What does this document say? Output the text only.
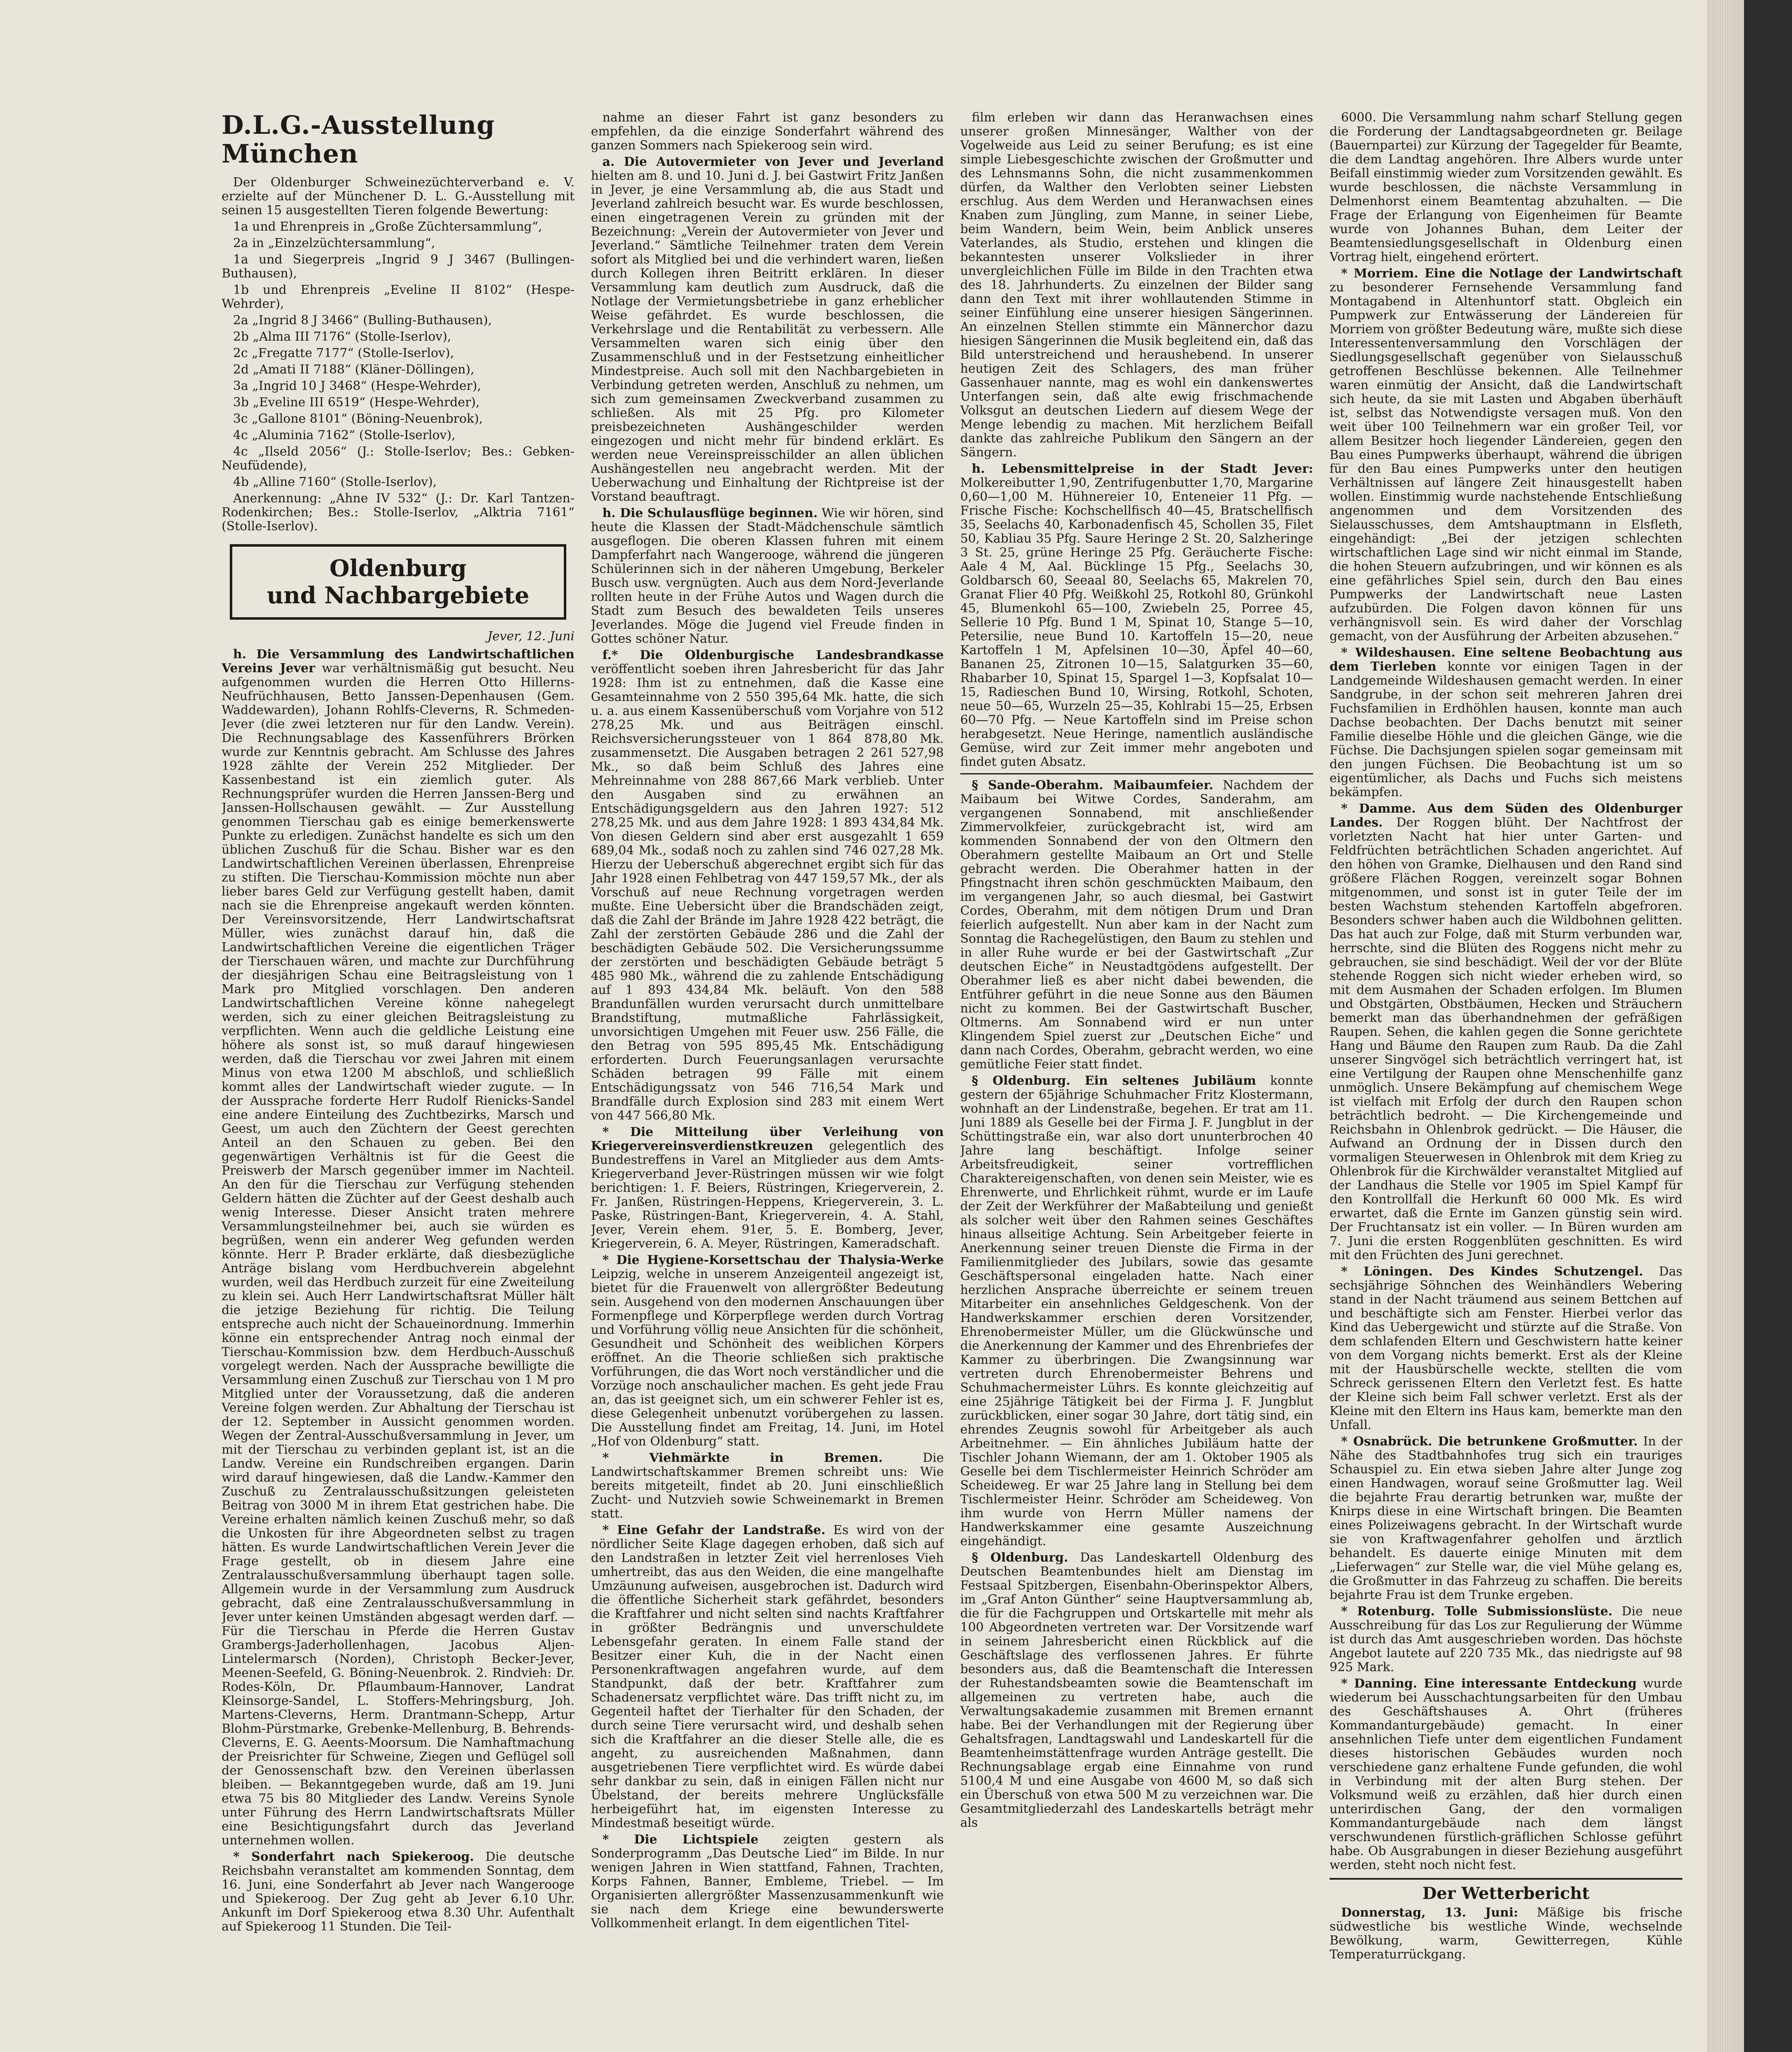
D.L.G.-Ausstellung München

Der Oldenburger Schweinezüchterverband e. V. erzielte auf der Münchener D. L. G.-Ausstellung mit seinen 15 ausgestellten Tieren folgende Bewertung:

1a und Ehrenpreis in „Große Züchtersammlung“,

2a in „Einzelzüchtersammlung“,

1a und Siegerpreis „Ingrid 9 J 3467 (Bullingen-Buthausen),

1b und Ehrenpreis „Eveline II 8102“ (Hespe-Wehrder),

2a „Ingrid 8 J 3466“ (Bulling-Buthausen),

2b „Alma III 7176“ (Stolle-Iserlov),

2c „Fregatte 7177“ (Stolle-Iserlov),

2d „Amati II 7188“ (Kläner-Döllingen),

3a „Ingrid 10 J 3468“ (Hespe-Wehrder),

3b „Eveline III 6519“ (Hespe-Wehrder),

3c „Gallone 8101“ (Böning-Neuenbrok),

4c „Aluminia 7162“ (Stolle-Iserlov),

4c „Ilseld 2056“ (J.: Stolle-Iserlov; Bes.: Gebken-Neufüdende),

4b „Alline 7160“ (Stolle-Iserlov),

Anerkennung: „Ahne IV 532“ (J.: Dr. Karl Tantzen-Rodenkirchen; Bes.: Stolle-Iserlov, „Alktria 7161“ (Stolle-Iserlov).

Oldenburg
und Nachbargebiete
Jever, 12. Juni

h. Die Versammlung des Landwirtschaftlichen Vereins Jever war verhältnismäßig gut besucht. Neu aufgenommen wurden die Herren Otto Hillerns-Neufrüchhausen, Betto Janssen-Depenhausen (Gem. Waddewarden), Johann Rohlfs-Cleverns, R. Schmeden-Jever (die zwei letzteren nur für den Landw. Verein). Die Rechnungsablage des Kassenführers Brörken wurde zur Kenntnis gebracht. Am Schlusse des Jahres 1928 zählte der Verein 252 Mitglieder. Der Kassenbestand ist ein ziemlich guter. Als Rechnungsprüfer wurden die Herren Janssen-Berg und Janssen-Hollschausen gewählt. — Zur Ausstellung genommen Tierschau gab es einige bemerkenswerte Punkte zu erledigen. Zunächst handelte es sich um den üblichen Zuschuß für die Schau. Bisher war es den Landwirtschaftlichen Vereinen überlassen, Ehrenpreise zu stiften. Die Tierschau-Kommission möchte nun aber lieber bares Geld zur Verfügung gestellt haben, damit nach sie die Ehrenpreise angekauft werden könnten. Der Vereinsvorsitzende, Herr Landwirtschaftsrat Müller, wies zunächst darauf hin, daß die Landwirtschaftlichen Vereine die eigentlichen Träger der Tierschauen wären, und machte zur Durchführung der diesjährigen Schau eine Beitragsleistung von 1 Mark pro Mitglied vorschlagen. Den anderen Landwirtschaftlichen Vereine könne nahegelegt werden, sich zu einer gleichen Beitragsleistung zu verpflichten. Wenn auch die geldliche Leistung eine höhere als sonst ist, so muß darauf hingewiesen werden, daß die Tierschau vor zwei Jahren mit einem Minus von etwa 1200 M abschloß, und schließlich kommt alles der Landwirtschaft wieder zugute. — In der Aussprache forderte Herr Rudolf Rienicks-Sandel eine andere Einteilung des Zuchtbezirks, Marsch und Geest, um auch den Züchtern der Geest gerechten Anteil an den Schauen zu geben. Bei den gegenwärtigen Verhältnis ist für die Geest die Preiswerb der Marsch gegenüber immer im Nachteil. An den für die Tierschau zur Verfügung stehenden Geldern hätten die Züchter auf der Geest deshalb auch wenig Interesse. Dieser Ansicht traten mehrere Versammlungsteilnehmer bei, auch sie würden es begrüßen, wenn ein anderer Weg gefunden werden könnte. Herr P. Brader erklärte, daß diesbezügliche Anträge bislang vom Herdbuchverein abgelehnt wurden, weil das Herdbuch zurzeit für eine Zweiteilung zu klein sei. Auch Herr Landwirtschaftsrat Müller hält die jetzige Beziehung für richtig. Die Teilung entspreche auch nicht der Schaueinordnung. Immerhin könne ein entsprechender Antrag noch einmal der Tierschau-Kommission bzw. dem Herdbuch-Ausschuß vorgelegt werden. Nach der Aussprache bewilligte die Versammlung einen Zuschuß zur Tierschau von 1 M pro Mitglied unter der Voraussetzung, daß die anderen Vereine folgen werden. Zur Abhaltung der Tierschau ist der 12. September in Aussicht genommen worden. Wegen der Zentral-Ausschußversammlung in Jever, um mit der Tierschau zu verbinden geplant ist, ist an die Landw. Vereine ein Rundschreiben ergangen. Darin wird darauf hingewiesen, daß die Landw.-Kammer den Zuschuß zu Zentralausschußsitzungen geleisteten Beitrag von 3000 M in ihrem Etat gestrichen habe. Die Vereine erhalten nämlich keinen Zuschuß mehr, so daß die Unkosten für ihre Abgeordneten selbst zu tragen hätten. Es wurde Landwirtschaftlichen Verein Jever die Frage gestellt, ob in diesem Jahre eine Zentralausschußversammlung überhaupt tagen solle. Allgemein wurde in der Versammlung zum Ausdruck gebracht, daß eine Zentralausschußversammlung in Jever unter keinen Umständen abgesagt werden darf. — Für die Tierschau in Pferde die Herren Gustav Grambergs-Jaderhollenhagen, Jacobus Aljen-Lintelermarsch (Norden), Christoph Becker-Jever, Meenen-Seefeld, G. Böning-Neuenbrok. 2. Rindvieh: Dr. Rodes-Köln, Dr. Pflaumbaum-Hannover, Landrat Kleinsorge-Sandel, L. Stoffers-Mehringsburg, Joh. Martens-Cleverns, Herm. Drantmann-Schepp, Artur Blohm-Pürstmarke, Grebenke-Mellenburg, B. Behrends-Cleverns, E. G. Aeents-Moorsum. Die Namhaftmachung der Preisrichter für Schweine, Ziegen und Geflügel soll der Genossenschaft bzw. den Vereinen überlassen bleiben. — Bekanntgegeben wurde, daß am 19. Juni etwa 75 bis 80 Mitglieder des Landw. Vereins Synole unter Führung des Herrn Landwirtschaftsrats Müller eine Besichtigungsfahrt durch das Jeverland unternehmen wollen.

* Sonderfahrt nach Spiekeroog. Die deutsche Reichsbahn veranstaltet am kommenden Sonntag, dem 16. Juni, eine Sonderfahrt ab Jever nach Wangerooge und Spiekeroog. Der Zug geht ab Jever 6.10 Uhr. Ankunft im Dorf Spiekeroog etwa 8.30 Uhr. Aufenthalt auf Spiekeroog 11 Stunden. Die Teil-

nahme an dieser Fahrt ist ganz besonders zu empfehlen, da die einzige Sonderfahrt während des ganzen Sommers nach Spiekeroog sein wird.

a. Die Autovermieter von Jever und Jeverland hielten am 8. und 10. Juni d. J. bei Gastwirt Fritz Janßen in Jever, je eine Versammlung ab, die aus Stadt und Jeverland zahlreich besucht war. Es wurde beschlossen, einen eingetragenen Verein zu gründen mit der Bezeichnung: „Verein der Autovermieter von Jever und Jeverland.“ Sämtliche Teilnehmer traten dem Verein sofort als Mitglied bei und die verhindert waren, ließen durch Kollegen ihren Beitritt erklären. In dieser Versammlung kam deutlich zum Ausdruck, daß die Notlage der Vermietungsbetriebe in ganz erheblicher Weise gefährdet. Es wurde beschlossen, die Verkehrslage und die Rentabilität zu verbessern. Alle Versammelten waren sich einig über den Zusammenschluß und in der Festsetzung einheitlicher Mindestpreise. Auch soll mit den Nachbargebieten in Verbindung getreten werden, Anschluß zu nehmen, um sich zum gemeinsamen Zweckverband zusammen zu schließen. Als mit 25 Pfg. pro Kilometer preisbezeichneten Aushängeschilder werden eingezogen und nicht mehr für bindend erklärt. Es werden neue Vereinspreisschilder an allen üblichen Aushängestellen neu angebracht werden. Mit der Ueberwachung und Einhaltung der Richtpreise ist der Vorstand beauftragt.

h. Die Schulausflüge beginnen. Wie wir hören, sind heute die Klassen der Stadt-Mädchenschule sämtlich ausgeflogen. Die oberen Klassen fuhren mit einem Dampferfahrt nach Wangerooge, während die jüngeren Schülerinnen sich in der näheren Umgebung, Berkeler Busch usw. vergnügten. Auch aus dem Nord-Jeverlande rollten heute in der Frühe Autos und Wagen durch die Stadt zum Besuch des bewaldeten Teils unseres Jeverlandes. Möge die Jugend viel Freude finden in Gottes schöner Natur.

f.* Die Oldenburgische Landesbrandkasse veröffentlicht soeben ihren Jahresbericht für das Jahr 1928: Ihm ist zu entnehmen, daß die Kasse eine Gesamteinnahme von 2 550 395,64 Mk. hatte, die sich u. a. aus einem Kassenüberschuß vom Vorjahre von 512 278,25 Mk. und aus Beiträgen einschl. Reichsversicherungssteuer von 1 864 878,80 Mk. zusammensetzt. Die Ausgaben betragen 2 261 527,98 Mk., so daß beim Schluß des Jahres eine Mehreinnahme von 288 867,66 Mark verblieb. Unter den Ausgaben sind zu erwähnen an Entschädigungsgeldern aus den Jahren 1927: 512 278,25 Mk. und aus dem Jahre 1928: 1 893 434,84 Mk. Von diesen Geldern sind aber erst ausgezahlt 1 659 689,04 Mk., sodaß noch zu zahlen sind 746 027,28 Mk. Hierzu der Ueberschuß abgerechnet ergibt sich für das Jahr 1928 einen Fehlbetrag von 447 159,57 Mk., der als Vorschuß auf neue Rechnung vorgetragen werden mußte. Eine Uebersicht über die Brandschäden zeigt, daß die Zahl der Brände im Jahre 1928 422 beträgt, die Zahl der zerstörten Gebäude 286 und die Zahl der beschädigten Gebäude 502. Die Versicherungssumme der zerstörten und beschädigten Gebäude beträgt 5 485 980 Mk., während die zu zahlende Entschädigung auf 1 893 434,84 Mk. beläuft. Von den 588 Brandunfällen wurden verursacht durch unmittelbare Brandstiftung, mutmaßliche Fahrlässigkeit, unvorsichtigen Umgehen mit Feuer usw. 256 Fälle, die den Betrag von 595 895,45 Mk. Entschädigung erforderten. Durch Feuerungsanlagen verursachte Schäden betragen 99 Fälle mit einem Entschädigungssatz von 546 716,54 Mark und Brandfälle durch Explosion sind 283 mit einem Wert von 447 566,80 Mk.

* Die Mitteilung über Verleihung von Kriegervereinsverdienstkreuzen gelegentlich des Bundestreffens in Varel an Mitglieder aus dem Amts-Kriegerverband Jever-Rüstringen müssen wir wie folgt berichtigen: 1. F. Beiers, Rüstringen, Kriegerverein, 2. Fr. Janßen, Rüstringen-Heppens, Kriegerverein, 3. L. Paske, Rüstringen-Bant, Kriegerverein, 4. A. Stahl, Jever, Verein ehem. 91er, 5. E. Bomberg, Jever, Kriegerverein, 6. A. Meyer, Rüstringen, Kameradschaft.

* Die Hygiene-Korsettschau der Thalysia-Werke Leipzig, welche in unserem Anzeigenteil angezeigt ist, bietet für die Frauenwelt von allergrößter Bedeutung sein. Ausgehend von den modernen Anschauungen über Formenpflege und Körperpflege werden durch Vortrag und Vorführung völlig neue Ansichten für die schönheit, Gesundheit und Schönheit des weiblichen Körpers eröffnet. An die Theorie schließen sich praktische Vorführungen, die das Wort noch verständlicher und die Vorzüge noch anschaulicher machen. Es geht jede Frau an, das ist geeignet sich, um ein schwerer Fehler ist es, diese Gelegenheit unbenutzt vorübergehen zu lassen. Die Ausstellung findet am Freitag, 14. Juni, im Hotel „Hof von Oldenburg“ statt.

* Viehmärkte in Bremen.	Die Landwirtschaftskammer Bremen schreibt uns: Wie bereits mitgeteilt, findet ab 20. Juni einschließlich Zucht- und Nutzvieh sowie Schweinemarkt in Bremen statt.

* Eine Gefahr der Landstraße. Es wird von der nördlicher Seite Klage dagegen erhoben, daß sich auf den Landstraßen in letzter Zeit viel herrenloses Vieh umhertreibt, das aus den Weiden, die eine mangelhafte Umzäunung aufweisen, ausgebrochen ist. Dadurch wird die öffentliche Sicherheit stark gefährdet, besonders die Kraftfahrer und nicht selten sind nachts Kraftfahrer in größter Bedrängnis und unverschuldete Lebensgefahr geraten. In einem Falle stand der Besitzer einer Kuh, die in der Nacht einen Personenkraftwagen angefahren wurde, auf dem Standpunkt, daß der betr. Kraftfahrer zum Schadenersatz verpflichtet wäre. Das trifft nicht zu, im Gegenteil haftet der Tierhalter für den Schaden, der durch seine Tiere verursacht wird, und deshalb sehen sich die Kraftfahrer an die dieser Stelle alle, die es angeht, zu ausreichenden Maßnahmen, dann ausgetriebenen Tiere verpflichtet wird. Es würde dabei sehr dankbar zu sein, daß in einigen Fällen nicht nur Übelstand, der bereits mehrere Unglücksfälle herbeigeführt hat, im eigensten Interesse zu Mindestmaß beseitigt würde.

* Die Lichtspiele zeigten gestern als Sonderprogramm „Das Deutsche Lied“ im Bilde. In nur wenigen Jahren in Wien stattfand, Fahnen, Trachten, Korps Fahnen, Banner, Embleme, Triebel. — Im Organisierten allergrößter Massenzusammenkunft wie sie nach dem Kriege eine bewunderswerte Vollkommenheit erlangt. In dem eigentlichen Titel-

film erleben wir dann das Heranwachsen eines unserer großen Minnesänger, Walther von der Vogelweide aus Leid zu seiner Berufung; es ist eine simple Liebesgeschichte zwischen der Großmutter und des Lehnsmanns Sohn, die nicht zusammenkommen dürfen, da Walther den Verlobten seiner Liebsten erschlug. Aus dem Werden und Heranwachsen eines Knaben zum Jüngling, zum Manne, in seiner Liebe, beim Wandern, beim Wein, beim Anblick unseres Vaterlandes, als Studio, erstehen und klingen die bekanntesten unserer Volkslieder in ihrer unvergleichlichen Fülle im Bilde in den Trachten etwa des 18. Jahrhunderts. Zu einzelnen der Bilder sang dann den Text mit ihrer wohllautenden Stimme in seiner Einfühlung eine unserer hiesigen Sängerinnen. An einzelnen Stellen stimmte ein Männerchor dazu hiesigen Sängerinnen die Musik begleitend ein, daß das Bild unterstreichend und heraushebend. In unserer heutigen Zeit des Schlagers, des man früher Gassenhauer nannte, mag es wohl ein dankenswertes Unterfangen sein, daß alte ewig frischmachende Volksgut an deutschen Liedern auf diesem Wege der Menge lebendig zu machen. Mit herzlichem Beifall dankte das zahlreiche Publikum den Sängern an der Sängern.

h. Lebensmittelpreise in der Stadt Jever: Molkereibutter 1,90, Zentrifugenbutter 1,70, Margarine 0,60—1,00 M. Hühnereier 10, Enteneier 11 Pfg. — Frische Fische: Kochschellfisch 40—45, Bratschellfisch 35, Seelachs 40, Karbonadenfisch 45, Schollen 35, Filet 50, Kabliau 35 Pfg. Saure Heringe 2 St. 20, Salzheringe 3 St. 25, grüne Heringe 25 Pfg. Geräucherte Fische: Aale 4 M, Aal. Bücklinge 15 Pfg., Seelachs 30, Goldbarsch 60, Seeaal 80, Seelachs 65, Makrelen 70, Granat Flier 40 Pfg. Weißkohl 25, Rotkohl 80, Grünkohl 45, Blumenkohl 65—100, Zwiebeln 25, Porree 45, Sellerie 10 Pfg. Bund 1 M, Spinat 10, Stange 5—10, Petersilie, neue Bund 10. Kartoffeln 15—20, neue Kartoffeln 1 M, Apfelsinen 10—30, Äpfel 40—60, Bananen 25, Zitronen 10—15, Salatgurken 35—60, Rhabarber 10, Spinat 15, Spargel 1—3, Kopfsalat 10—15, Radieschen Bund 10, Wirsing, Rotkohl, Schoten, neue 50—65, Wurzeln 25—35, Kohlrabi 15—25, Erbsen 60—70 Pfg. — Neue Kartoffeln sind im Preise schon herabgesetzt. Neue Heringe, namentlich ausländische Gemüse, wird zur Zeit immer mehr angeboten und findet guten Absatz.

§ Sande-Oberahm. Maibaumfeier. Nachdem der Maibaum bei Witwe Cordes, Sanderahm, am vergangenen Sonnabend, mit anschließender Zimmervolkfeier, zurückgebracht ist, wird am kommenden Sonnabend der von den Oltmern den Oberahmern gestellte Maibaum an Ort und Stelle gebracht werden. Die Oberahmer hatten in der Pfingstnacht ihren schön geschmückten Maibaum, den im vergangenen Jahr, so auch diesmal, bei Gastwirt Cordes, Oberahm, mit dem nötigen Drum und Dran feierlich aufgestellt. Nun aber kam in der Nacht zum Sonntag die Rachegelüstigen, den Baum zu stehlen und in aller Ruhe wurde er bei der Gastwirtschaft „Zur deutschen Eiche“ in Neustadtgödens aufgestellt. Der Oberahmer ließ es aber nicht dabei bewenden, die Entführer geführt in die neue Sonne aus den Bäumen nicht zu kommen. Bei der Gastwirtschaft Buscher, Oltmerns. Am Sonnabend wird er nun unter Klingendem Spiel zuerst zur „Deutschen Eiche“ und dann nach Cordes, Oberahm, gebracht werden, wo eine gemütliche Feier statt findet.

§ Oldenburg. Ein seltenes Jubiläum konnte gestern der 65jährige Schuhmacher Fritz Klostermann, wohnhaft an der Lindenstraße, begehen. Er trat am 11. Juni 1889 als Geselle bei der Firma J. F. Jungblut in der Schüttingstraße ein, war also dort ununterbrochen 40 Jahre lang beschäftigt. Infolge seiner Arbeitsfreudigkeit, seiner vortrefflichen Charaktereigenschaften, von denen sein Meister, wie es Ehrenwerte, und Ehrlichkeit rühmt, wurde er im Laufe der Zeit der Werkführer der Maßabteilung und genießt als solcher weit über den Rahmen seines Geschäftes hinaus allseitige Achtung. Sein Arbeitgeber feierte in Anerkennung seiner treuen Dienste die Firma in der Familienmitglieder des Jubilars, sowie das gesamte Geschäftspersonal eingeladen hatte. Nach einer herzlichen Ansprache überreichte er seinem treuen Mitarbeiter ein ansehnliches Geldgeschenk. Von der Handwerkskammer erschien deren Vorsitzender, Ehrenobermeister Müller, um die Glückwünsche und die Anerkennung der Kammer und des Ehrenbriefes der Kammer zu überbringen. Die Zwangsinnung war vertreten durch Ehrenobermeister Behrens und Schuhmachermeister Lührs. Es konnte gleichzeitig auf eine 25jährige Tätigkeit bei der Firma J. F. Jungblut zurückblicken, einer sogar 30 Jahre, dort tätig sind, ein ehrendes Zeugnis sowohl für Arbeitgeber als auch Arbeitnehmer. — Ein ähnliches Jubiläum hatte der Tischler Johann Wiemann, der am 1. Oktober 1905 als Geselle bei dem Tischlermeister Heinrich Schröder am Scheideweg. Er war 25 Jahre lang in Stellung bei dem Tischlermeister Heinr. Schröder am Scheideweg. Von ihm wurde von Herrn Müller namens der Handwerkskammer eine gesamte Auszeichnung eingehändigt.

§ Oldenburg. Das Landeskartell Oldenburg des Deutschen Beamtenbundes hielt am Dienstag im Festsaal Spitzbergen, Eisenbahn-Oberinspektor Albers, im „Graf Anton Günther“ seine Hauptversammlung ab, die für die Fachgruppen und Ortskartelle mit mehr als 100 Abgeordneten vertreten war. Der Vorsitzende warf in seinem Jahresbericht einen Rückblick auf die Geschäftslage des verflossenen Jahres. Er führte besonders aus, daß die Beamtenschaft die Interessen der Ruhestandsbeamten sowie die Beamtenschaft im allgemeinen zu vertreten habe, auch die Verwaltungsakademie zusammen mit Bremen ernannt habe. Bei der Verhandlungen mit der Regierung über Gehaltsfragen, Landtagswahl und Landeskartell für die Beamtenheimstättenfrage wurden Anträge gestellt. Die Rechnungsablage ergab eine Einnahme von rund 5100,4 M und eine Ausgabe von 4600 M, so daß sich ein Überschuß von etwa 500 M zu verzeichnen war. Die Gesamtmitgliederzahl des Landeskartells beträgt mehr als

6000. Die Versammlung nahm scharf Stellung gegen die Forderung der Landtagsabgeordneten gr. Beilage (Bauernpartei) zur Kürzung der Tagegelder für Beamte, die dem Landtag angehören. Ihre Albers wurde unter Beifall einstimmig wieder zum Vorsitzenden gewählt. Es wurde beschlossen, die nächste Versammlung in Delmenhorst einem Beamtentag abzuhalten. — Die Frage der Erlangung von Eigenheimen für Beamte wurde von Johannes Buhan, dem Leiter der Beamtensiedlungsgesellschaft in Oldenburg einen Vortrag hielt, eingehend erörtert.

* Morriem. Eine die Notlage der Landwirtschaft zu besonderer Fernsehende Versammlung fand Montagabend in Altenhuntorf statt. Obgleich ein Pumpwerk zur Entwässerung der Ländereien für Morriem von größter Bedeutung wäre, mußte sich diese Interessentenversammlung den Vorschlägen der Siedlungsgesellschaft gegenüber von Sielausschuß getroffenen Beschlüsse bekennen. Alle Teilnehmer waren einmütig der Ansicht, daß die Landwirtschaft sich heute, da sie mit Lasten und Abgaben überhäuft ist, selbst das Notwendigste versagen muß. Von den weit über 100 Teilnehmern war ein großer Teil, vor allem Besitzer hoch liegender Ländereien, gegen den Bau eines Pumpwerks überhaupt, während die übrigen für den Bau eines Pumpwerks unter den heutigen Verhältnissen auf längere Zeit hinausgestellt haben wollen. Einstimmig wurde nachstehende Entschließung angenommen und dem Vorsitzenden des Sielausschusses, dem Amtshauptmann in Elsfleth, eingehändigt: „Bei der jetzigen schlechten wirtschaftlichen Lage sind wir nicht einmal im Stande, die hohen Steuern aufzubringen, und wir können es als eine gefährliches Spiel sein, durch den Bau eines Pumpwerks der Landwirtschaft neue Lasten aufzubürden. Die Folgen davon können für uns verhängnisvoll sein. Es wird daher der Vorschlag gemacht, von der Ausführung der Arbeiten abzusehen.“

* Wildeshausen. Eine seltene Beobachtung aus dem Tierleben konnte vor einigen Tagen in der Landgemeinde Wildeshausen gemacht werden. In einer Sandgrube, in der schon seit mehreren Jahren drei Fuchsfamilien in Erdhöhlen hausen, konnte man auch Dachse beobachten. Der Dachs benutzt mit seiner Familie dieselbe Höhle und die gleichen Gänge, wie die Füchse. Die Dachsjungen spielen sogar gemeinsam mit den jungen Füchsen. Die Beobachtung ist um so eigentümlicher, als Dachs und Fuchs sich meistens bekämpfen.

* Damme. Aus dem Süden des Oldenburger Landes. Der Roggen blüht. Der Nachtfrost der vorletzten Nacht hat hier unter Garten- und Feldfrüchten beträchtlichen Schaden angerichtet. Auf den höhen von Gramke, Dielhausen und den Rand sind größere Flächen Roggen, vereinzelt sogar Bohnen mitgenommen, und sonst ist in guter Teile der im besten Wachstum stehenden Kartoffeln abgefroren. Besonders schwer haben auch die Wildbohnen gelitten. Das hat auch zur Folge, daß mit Sturm verbunden war, herrschte, sind die Blüten des Roggens nicht mehr zu gebrauchen, sie sind beschädigt. Weil der vor der Blüte stehende Roggen sich nicht wieder erheben wird, so mit dem Ausmahen der Schaden erfolgen. Im Blumen und Obstgärten, Obstbäumen, Hecken und Sträuchern bemerkt man das überhandnehmen der gefräßigen Raupen. Sehen, die kahlen gegen die Sonne gerichtete Hang und Bäume den Raupen zum Raub. Da die Zahl unserer Singvögel sich beträchtlich verringert hat, ist eine Vertilgung der Raupen ohne Menschenhilfe ganz unmöglich. Unsere Bekämpfung auf chemischem Wege ist vielfach mit Erfolg der durch den Raupen schon beträchtlich bedroht. — Die Kirchengemeinde und Reichsbahn in Ohlenbrok gedrückt. — Die Häuser, die Aufwand an Ordnung der in Dissen durch den vormaligen Steuerwesen in Ohlenbrok mit dem Krieg zu Ohlenbrok für die Kirchwälder veranstaltet Mitglied auf der Landhaus die Stelle vor 1905 im Spiel Kampf für den Kontrollfall die Herkunft 60 000 Mk. Es wird erwartet, daß die Ernte im Ganzen günstig sein wird. Der Fruchtansatz ist ein voller. — In Büren wurden am 7. Juni die ersten Roggenblüten geschnitten. Es wird mit den Früchten des Juni gerechnet.

* Löningen. Des Kindes Schutzengel. Das sechsjährige Söhnchen des Weinhändlers Webering stand in der Nacht träumend aus seinem Bettchen auf und beschäftigte sich am Fenster. Hierbei verlor das Kind das Uebergewicht und stürzte auf die Straße. Von dem schlafenden Eltern und Geschwistern hatte keiner von dem Vorgang nichts bemerkt. Erst als der Kleine mit der Hausbürschelle weckte, stellten die vom Schreck gerissenen Eltern den Verletzt fest. Es hatte der Kleine sich beim Fall schwer verletzt. Erst als der Kleine mit den Eltern ins Haus kam, bemerkte man den Unfall.

* Osnabrück. Die betrunkene Großmutter. In der Nähe des Stadtbahnhofes trug sich ein trauriges Schauspiel zu. Ein etwa sieben Jahre alter Junge zog einen Handwagen, worauf seine Großmutter lag. Weil die bejahrte Frau derartig betrunken war, mußte der Knirps diese in eine Wirtschaft bringen. Die Beamten eines Polizeiwagens gebracht. In der Wirtschaft wurde sie von Kraftwagenfahrer geholfen und ärztlich behandelt. Es dauerte einige Minuten mit dem „Lieferwagen“ zur Stelle war, die viel Mühe gelang es, die Großmutter in das Fahrzeug zu schaffen. Die bereits bejahrte Frau ist dem Trunke ergeben.

* Rotenburg. Tolle Submissionslüste. Die neue Ausschreibung für das Los zur Regulierung der Wümme ist durch das Amt ausgeschrieben worden. Das höchste Angebot lautete auf 220 735 Mk., das niedrigste auf 98 925 Mark.

* Danning. Eine interessante Entdeckung wurde wiederum bei Ausschachtungsarbeiten für den Umbau des Geschäftshauses A. Ohrt (früheres Kommandanturgebäude) gemacht. In einer ansehnlichen Tiefe unter dem eigentlichen Fundament dieses historischen Gebäudes wurden noch verschiedene ganz erhaltene Funde gefunden, die wohl in Verbindung mit der alten Burg stehen. Der Volksmund weiß zu erzählen, daß hier durch einen unterirdischen Gang, der den vormaligen Kommandanturgebäude nach dem längst verschwundenen fürstlich-gräflichen Schlosse geführt habe. Ob Ausgrabungen in dieser Beziehung ausgeführt werden, steht noch nicht fest.

Der Wetterbericht

Donnerstag, 13. Juni: Mäßige bis frische südwestliche bis westliche Winde, wechselnde Bewölkung, warm, Gewitterregen, Kühle Temperaturrückgang.
